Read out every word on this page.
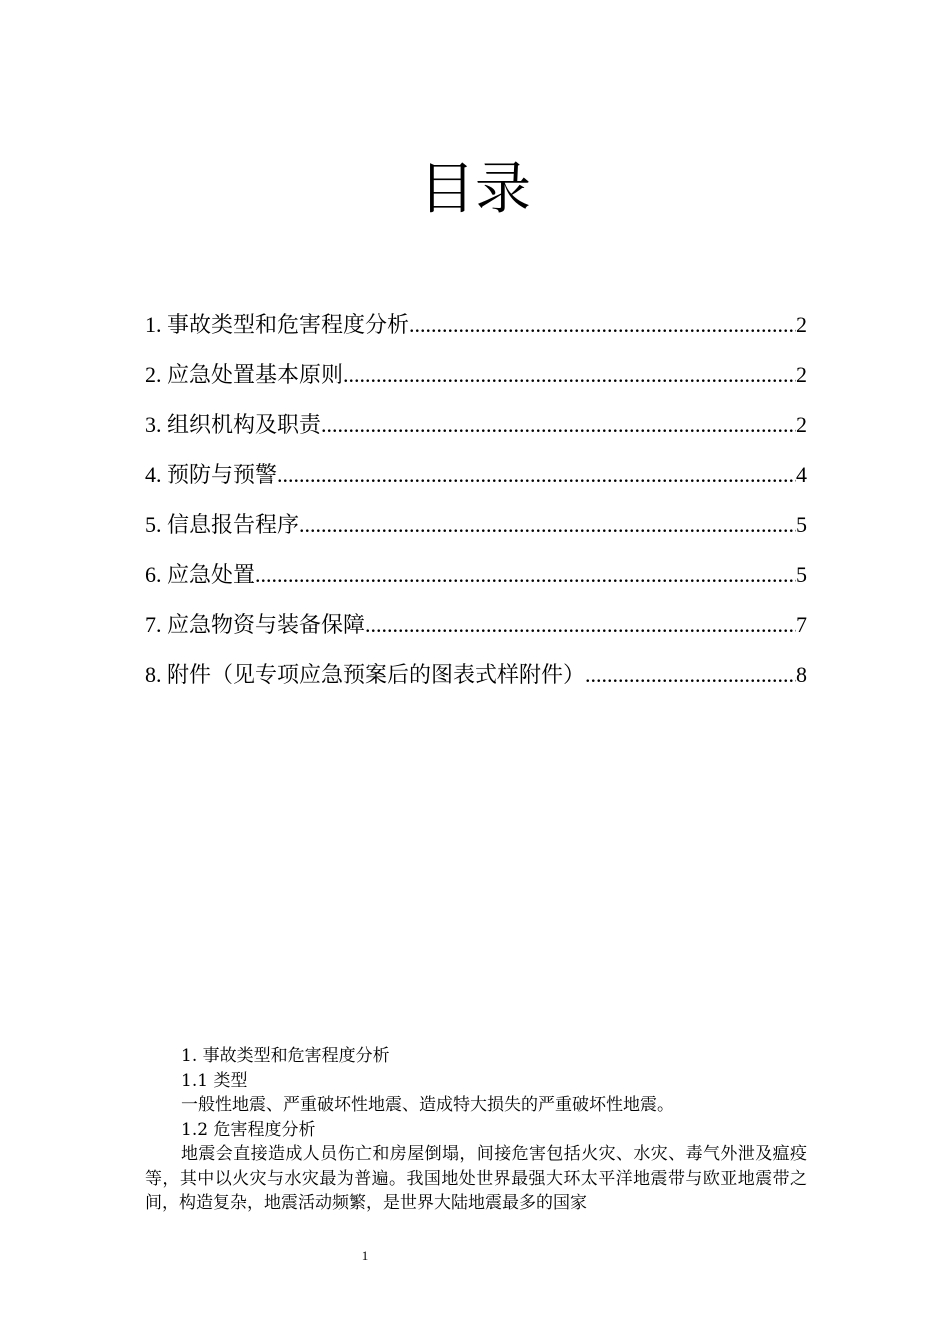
目录
1. 事故类型和危害程度分析 .....	2
2. 应急处置基本原则 .....	2
3. 组织机构及职责 .....	2
4. 预防与预警 .....	4
5. 信息报告程序 .....	5
6. 应急处置 .....	5
7. 应急物资与装备保障 .....	7
8. 附件（见专项应急预案后的图表式样附件） .....	8

1. 事故类型和危害程度分析

1.1 类型

一般性地震、严重破坏性地震、造成特大损失的严重破坏性地震。

1.2 危害程度分析

地震会直接造成人员伤亡和房屋倒塌，间接危害包括火灾、水灾、毒气外泄及瘟疫等，其中以火灾与水灾最为普遍。我国地处世界最强大环太平洋地震带与欧亚地震带之间，构造复杂，地震活动频繁，是世界大陆地震最多的国家

1
